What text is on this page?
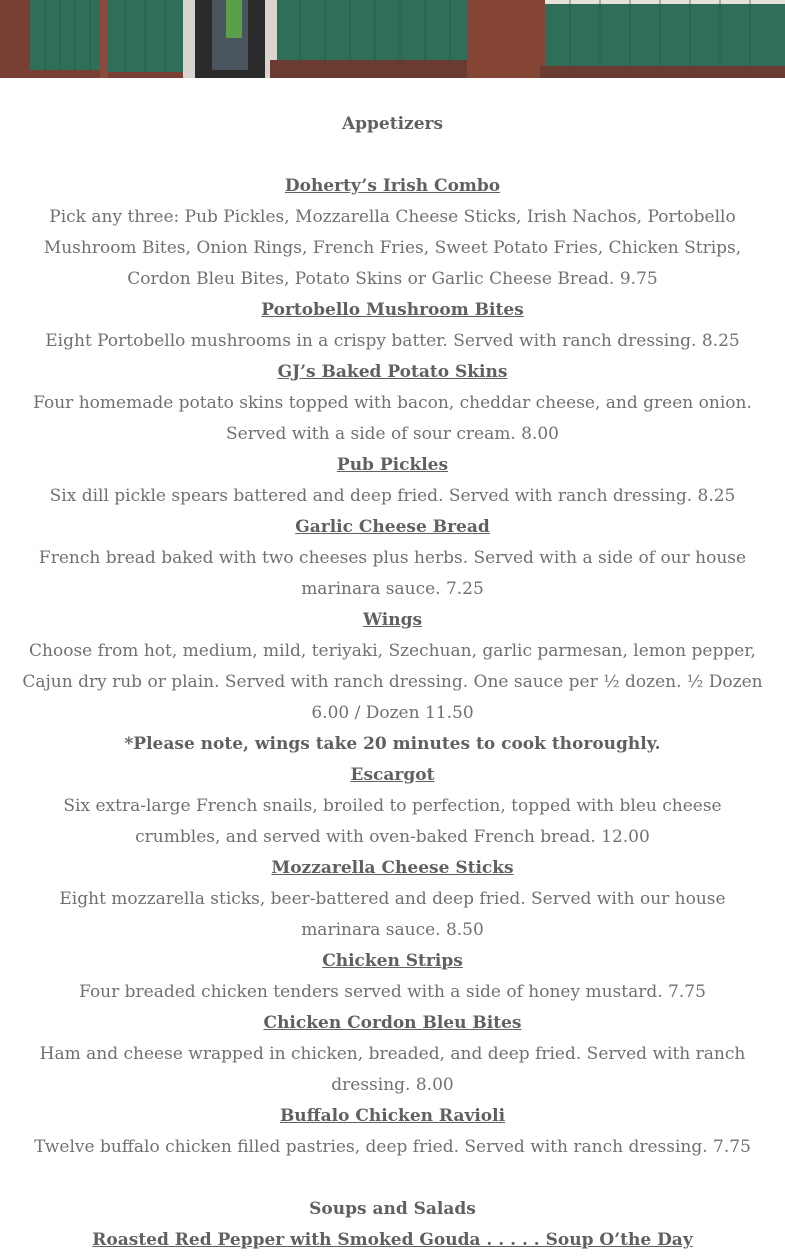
Appetizers

Doherty’s Irish Combo

Pick any three: Pub Pickles, Mozzarella Cheese Sticks, Irish Nachos, Portobello Mushroom Bites, Onion Rings, French Fries, Sweet Potato Fries, Chicken Strips, Cordon Bleu Bites, Potato Skins or Garlic Cheese Bread. 9.75

Portobello Mushroom Bites

Eight Portobello mushrooms in a crispy batter. Served with ranch dressing. 8.25

GJ’s Baked Potato Skins

Four homemade potato skins topped with bacon, cheddar cheese, and green onion. Served with a side of sour cream. 8.00

Pub Pickles

Six dill pickle spears battered and deep fried. Served with ranch dressing. 8.25

Garlic Cheese Bread

French bread baked with two cheeses plus herbs. Served with a side of our house marinara sauce. 7.25

Wings

Choose from hot, medium, mild, teriyaki, Szechuan, garlic parmesan, lemon pepper, Cajun dry rub or plain. Served with ranch dressing. One sauce per ½ dozen. ½ Dozen 6.00 / Dozen 11.50

*Please note, wings take 20 minutes to cook thoroughly.

Escargot

Six extra-large French snails, broiled to perfection, topped with bleu cheese crumbles, and served with oven-baked French bread. 12.00

Mozzarella Cheese Sticks

Eight mozzarella sticks, beer-battered and deep fried. Served with our house marinara sauce. 8.50

Chicken Strips

Four breaded chicken tenders served with a side of honey mustard. 7.75

Chicken Cordon Bleu Bites

Ham and cheese wrapped in chicken, breaded, and deep fried. Served with ranch dressing. 8.00

Buffalo Chicken Ravioli

Twelve buffalo chicken filled pastries, deep fried. Served with ranch dressing. 7.75

Soups and Salads

Roasted Red Pepper with Smoked Gouda . . . . . Soup O’the Day
